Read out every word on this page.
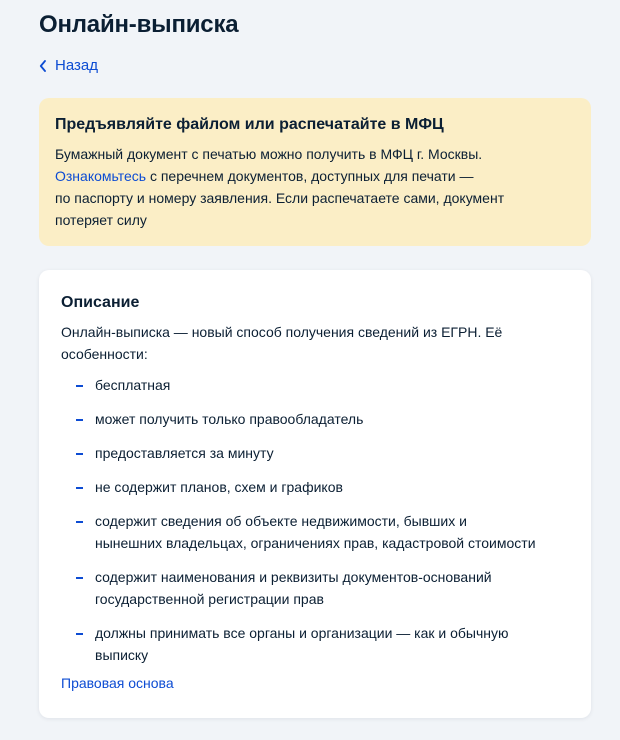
Онлайн-выписка
Назад
Предъявляйте файлом или распечатайте в МФЦ

Бумажный документ с печатью можно получить в МФЦ г. Москвы.
Ознакомьтесь с перечнем документов, доступных для печати —
по паспорту и номеру заявления. Если распечатаете сами, документ
потеряет силу

Описание

Онлайн-выписка — новый способ получения сведений из ЕГРН. Её
особенности:

бесплатная
может получить только правообладатель
предоставляется за минуту
не содержит планов, схем и графиков
содержит сведения об объекте недвижимости, бывших и
нынешних владельцах, ограничениях прав, кадастровой стоимости
содержит наименования и реквизиты документов-оснований
государственной регистрации прав
должны принимать все органы и организации — как и обычную
выписку
Правовая основа
